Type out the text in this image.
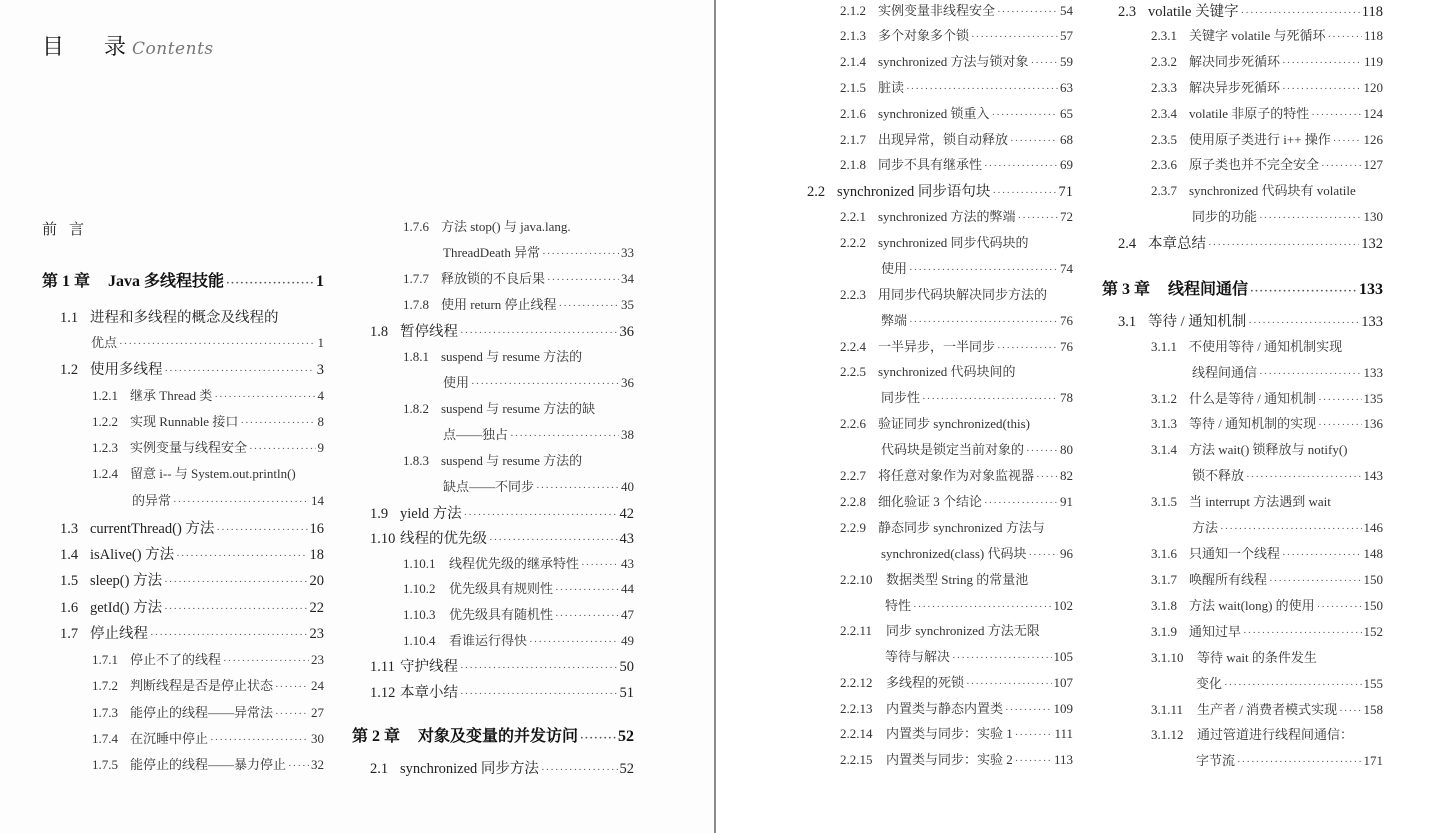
目 录 Contents
前言
第 1 章	Java 多线程技能 ·····	1
1.1 进程和多线程的概念及线程的
优点 ·····	1
1.2 使用多线程 ·····	3
1.2.1 继承 Thread 类 ·····	4
1.2.2 实现 Runnable 接口 ·····	8
1.2.3 实例变量与线程安全 ·····	9
1.2.4 留意 i-- 与 System.out.println()
的异常 ·····	14
1.3 currentThread() 方法 ·····	16
1.4 isAlive() 方法 ·····	18
1.5 sleep() 方法 ·····	20
1.6 getId() 方法 ·····	22
1.7 停止线程 ·····	23
1.7.1 停止不了的线程 ·····	23
1.7.2 判断线程是否是停止状态 ·····	24
1.7.3 能停止的线程——异常法 ·····	27
1.7.4 在沉睡中停止 ·····	30
1.7.5 能停止的线程——暴力停止 ····· 32
1.7.6 方法 stop() 与 java.lang.
ThreadDeath 异常 ·····	33
1.7.7 释放锁的不良后果 ·····	34
1.7.8 使用 return 停止线程 ·····	35
1.8 暂停线程 ·····	36
1.8.1 suspend 与 resume 方法的
使用 ·····	36
1.8.2 suspend 与 resume 方法的缺
点——独占 ·····	38
1.8.3 suspend 与 resume 方法的
缺点——不同步 ·····	40
1.9 yield 方法 ·····	42
1.10 线程的优先级 ·····	43
1.10.1	线程优先级的继承特性 ·····	43
1.10.2	优先级具有规则性 ·····	44
1.10.3	优先级具有随机性 ·····	47
1.10.4	看谁运行得快 ·····	49
1.11 守护线程 ·····	50
1.12 本章小结 ·····	51
第 2 章	对象及变量的并发访问 ····· 52
2.1 synchronized 同步方法 ·····	52
2.1.2 实例变量非线程安全 ·····	54
2.1.3 多个对象多个锁 ·····	57
2.1.4 synchronized 方法与锁对象 ····· 59
2.1.5 脏读 ·····	63
2.1.6 synchronized 锁重入 ·····	65
2.1.7 出现异常，锁自动释放 ·····	68
2.1.8 同步不具有继承性 ·····	69
2.2 synchronized 同步语句块 ·····	71
2.2.1 synchronized 方法的弊端 ·····	72
2.2.2 synchronized 同步代码块的
使用 ·····	74
2.2.3 用同步代码块解决同步方法的
弊端 ·····	76
2.2.4 一半异步，一半同步 ·····	76
2.2.5 synchronized 代码块间的
同步性 ·····	78
2.2.6 验证同步 synchronized(this)
代码块是锁定当前对象的 ·····	80
2.2.7 将任意对象作为对象监视器 ····· 82
2.2.8 细化验证 3 个结论 ·····	91
2.2.9 静态同步 synchronized 方法与
synchronized(class) 代码块 ·····	96
2.2.10	数据类型 String 的常量池
特性 ·····	102
2.2.11	同步 synchronized 方法无限
等待与解决 ·····	105
2.2.12	多线程的死锁 ·····	107
2.2.13	内置类与静态内置类 ·····	109
2.2.14	内置类与同步：实验 1 ·····	111
2.2.15	内置类与同步：实验 2 ·····	113
2.3 volatile 关键字 ·····	118
2.3.1 关键字 volatile 与死循环 ·····	118
2.3.2 解决同步死循环 ·····	119
2.3.3 解决异步死循环 ·····	120
2.3.4 volatile 非原子的特性 ·····	124
2.3.5 使用原子类进行 i++ 操作 ·····	126
2.3.6 原子类也并不完全安全 ·····	127
2.3.7 synchronized 代码块有 volatile
同步的功能 ·····	130
2.4 本章总结 ·····	132
第 3 章	线程间通信 ·····	133
3.1 等待 / 通知机制 ·····	133
3.1.1 不使用等待 / 通知机制实现
线程间通信 ·····	133
3.1.2 什么是等待 / 通知机制 ·····	135
3.1.3 等待 / 通知机制的实现 ·····	136
3.1.4 方法 wait() 锁释放与 notify()
锁不释放 ·····	143
3.1.5 当 interrupt 方法遇到 wait
方法 ·····	146
3.1.6 只通知一个线程 ·····	148
3.1.7 唤醒所有线程 ·····	150
3.1.8 方法 wait(long) 的使用 ·····	150
3.1.9 通知过早 ·····	152
3.1.10	等待 wait 的条件发生
变化 ·····	155
3.1.11	生产者 / 消费者模式实现 ····· 158
3.1.12	通过管道进行线程间通信：
字节流 ·····	171
